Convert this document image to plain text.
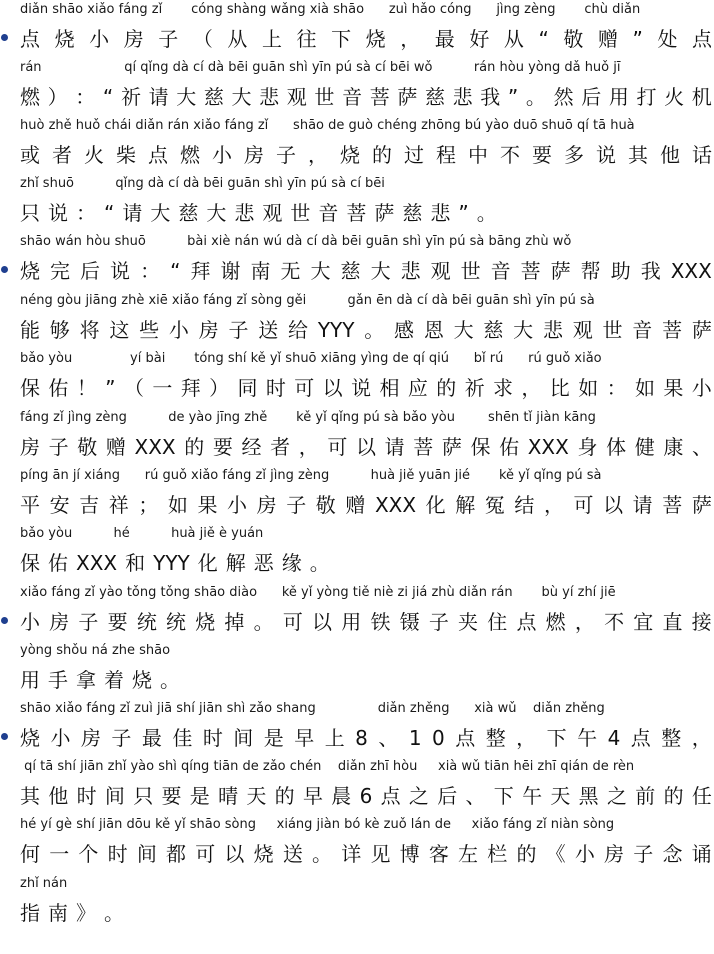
diǎn shāo xiǎo fáng zǐ       cóng shàng wǎng xià shāo      zuì hǎo cóng      jìng zèng       chù diǎn
点 烧 小 房 子 （ 从 上 往 下 烧 ， 最 好 从 “ 敬 赠 ” 处 点
rán                    qí qǐng dà cí dà bēi guān shì yīn pú sà cí bēi wǒ          rán hòu yòng dǎ huǒ jī
燃 ） ： “ 祈 请 大 慈 大 悲 观 世 音 菩 萨 慈 悲 我 ” 。 然 后 用 打 火 机
huò zhě huǒ chái diǎn rán xiǎo fáng zǐ      shāo de guò chéng zhōng bú yào duō shuō qí tā huà
或 者 火 柴 点 燃 小 房 子 ， 烧 的 过 程 中 不 要 多 说 其 他 话
zhǐ shuō          qǐng dà cí dà bēi guān shì yīn pú sà cí bēi
只 说 ： “ 请 大 慈 大 悲 观 世 音 菩 萨 慈 悲 ” 。
shāo wán hòu shuō          bài xiè nán wú dà cí dà bēi guān shì yīn pú sà bāng zhù wǒ
烧 完 后 说 ： “ 拜 谢 南 无 大 慈 大 悲 观 世 音 菩 萨 帮 助 我 XXX
néng gòu jiāng zhè xiē xiǎo fáng zǐ sòng gěi          gǎn ēn dà cí dà bēi guān shì yīn pú sà
能 够 将 这 些 小 房 子 送 给 YYY 。 感 恩 大 慈 大 悲 观 世 音 菩 萨
bǎo yòu              yí bài       tóng shí kě yǐ shuō xiāng yìng de qí qiú      bǐ rú      rú guǒ xiǎo
保 佑 ！ ” （ 一 拜 ） 同 时 可 以 说 相 应 的 祈 求 ， 比 如 ： 如 果 小
fáng zǐ jìng zèng          de yào jīng zhě       kě yǐ qǐng pú sà bǎo yòu        shēn tǐ jiàn kāng
房 子 敬 赠 XXX 的 要 经 者 ， 可 以 请 菩 萨 保 佑 XXX 身 体 健 康 、
píng ān jí xiáng      rú guǒ xiǎo fáng zǐ jìng zèng          huà jiě yuān jié       kě yǐ qǐng pú sà
平 安 吉 祥 ； 如 果 小 房 子 敬 赠 XXX 化 解 冤 结 ， 可 以 请 菩 萨
bǎo yòu          hé          huà jiě è yuán
保 佑 XXX 和 YYY 化 解 恶 缘 。
xiǎo fáng zǐ yào tǒng tǒng shāo diào      kě yǐ yòng tiě niè zi jiá zhù diǎn rán       bù yí zhí jiē
小 房 子 要 统 统 烧 掉 。 可 以 用 铁 镊 子 夹 住 点 燃 ， 不 宜 直 接
yòng shǒu ná zhe shāo
用 手 拿 着 烧 。
shāo xiǎo fáng zǐ zuì jiā shí jiān shì zǎo shang               diǎn zhěng      xià wǔ    diǎn zhěng
烧 小 房 子 最 佳 时 间 是 早 上 8 、 1 0 点 整 ， 下 午 4 点 整 ，
qí tā shí jiān zhǐ yào shì qíng tiān de zǎo chén    diǎn zhī hòu     xià wǔ tiān hēi zhī qián de rèn
其 他 时 间 只 要 是 晴 天 的 早 晨 6 点 之 后 、 下 午 天 黑 之 前 的 任
hé yí gè shí jiān dōu kě yǐ shāo sòng     xiáng jiàn bó kè zuǒ lán de     xiǎo fáng zǐ niàn sòng
何 一 个 时 间 都 可 以 烧 送 。 详 见 博 客 左 栏 的 《 小 房 子 念 诵
zhǐ nán
指 南 》 。
